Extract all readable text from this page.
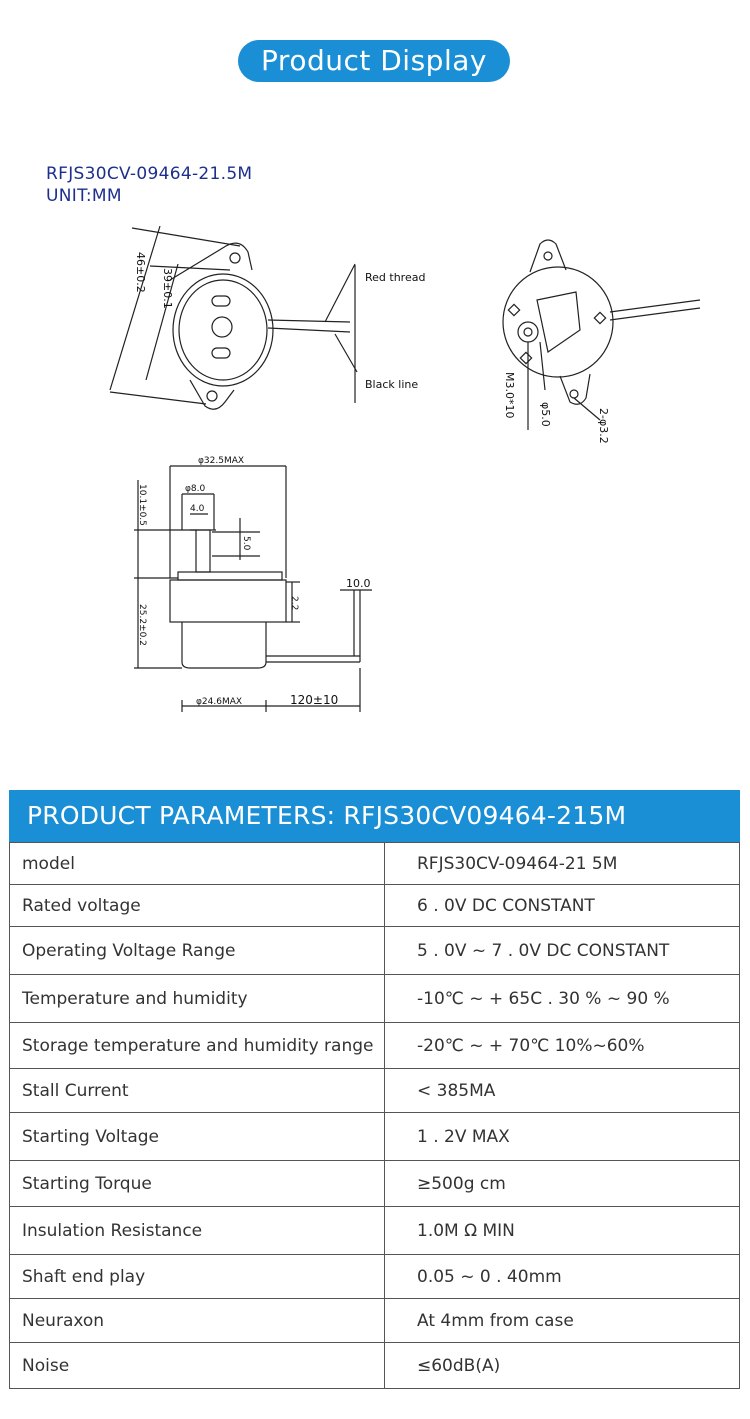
Product Display
RFJS30CV-09464-21.5M
UNIT:MM
Red thread
Black line
46±0.2 39±0.1
M3.0*10 φ5.0	2-φ3.2
φ32.5MAX
φ8.0
4.0
5.0
10.1±0.5
2.2
25.2±0.2
10.0
φ24.6MAX	120±10
PRODUCT PARAMETERS: RFJS30CV09464-215M
model	RFJS30CV-09464-21 5M
Rated voltage	6 . 0V DC CONSTANT
Operating Voltage Range	5 . 0V ~ 7 . 0V DC CONSTANT
Temperature and humidity	-10℃ ~ + 65C . 30 % ~ 90 %
Storage temperature and humidity range	-20℃ ~ + 70℃ 10%~60%
Stall Current	< 385MA
Starting Voltage	1 . 2V MAX
Starting Torque	≥500g cm
Insulation Resistance	1.0M Ω MIN
Shaft end play	0.05 ~ 0 . 40mm
Neuraxon	At 4mm from case
Noise	≤60dB(A)
